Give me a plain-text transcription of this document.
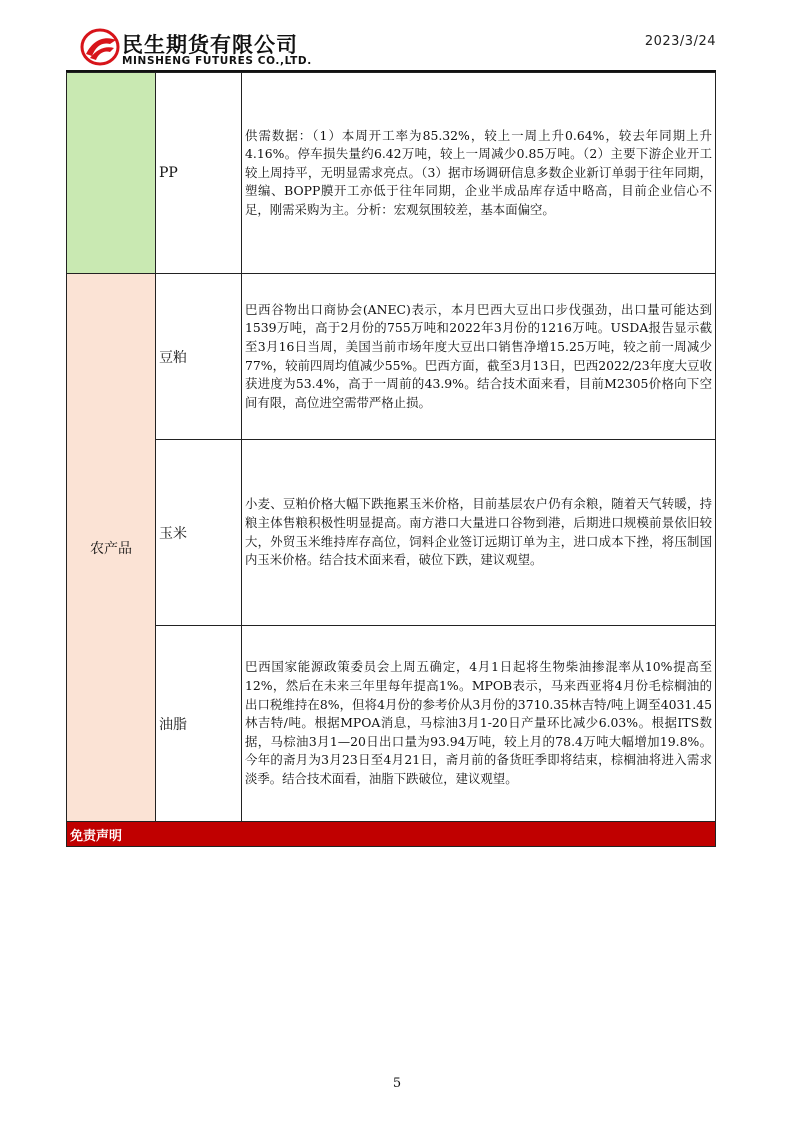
民生期货有限公司
MINSHENG FUTURES CO.,LTD.
2023/3/24
	PP	供需数据：（1）本周开工率为85.32%，较上一周上升0.64%，较去年同期上升4.16%。停车损失量约6.42万吨，较上一周减少0.85万吨。（2）主要下游企业开工较上周持平，无明显需求亮点。（3）据市场调研信息多数企业新订单弱于往年同期，塑编、BOPP膜开工亦低于往年同期，企业半成品库存适中略高，目前企业信心不足，刚需采购为主。分析：宏观氛围较差，基本面偏空。
农产品	豆粕	巴西谷物出口商协会(ANEC)表示，本月巴西大豆出口步伐强劲，出口量可能达到1539万吨，高于2月份的755万吨和2022年3月份的1216万吨。USDA报告显示截至3月16日当周，美国当前市场年度大豆出口销售净增15.25万吨，较之前一周减少77%，较前四周均值减少55%。巴西方面，截至3月13日，巴西2022/23年度大豆收获进度为53.4%，高于一周前的43.9%。结合技术面来看，目前M2305价格向下空间有限，高位进空需带严格止损。
	玉米	小麦、豆粕价格大幅下跌拖累玉米价格，目前基层农户仍有余粮，随着天气转暖，持粮主体售粮积极性明显提高。南方港口大量进口谷物到港，后期进口规模前景依旧较大，外贸玉米维持库存高位，饲料企业签订远期订单为主，进口成本下挫，将压制国内玉米价格。结合技术面来看，破位下跌，建议观望。
	油脂	巴西国家能源政策委员会上周五确定，4月1日起将生物柴油掺混率从10%提高至12%，然后在未来三年里每年提高1%。MPOB表示，马来西亚将4月份毛棕榈油的出口税维持在8%，但将4月份的参考价从3月份的3710.35林吉特/吨上调至4031.45林吉特/吨。根据MPOA消息，马棕油3月1-20日产量环比减少6.03%。根据ITS数据，马棕油3月1—20日出口量为93.94万吨，较上月的78.4万吨大幅增加19.8%。今年的斋月为3月23日至4月21日，斋月前的备货旺季即将结束，棕榈油将进入需求淡季。结合技术面看，油脂下跌破位，建议观望。
免责声明		
5
